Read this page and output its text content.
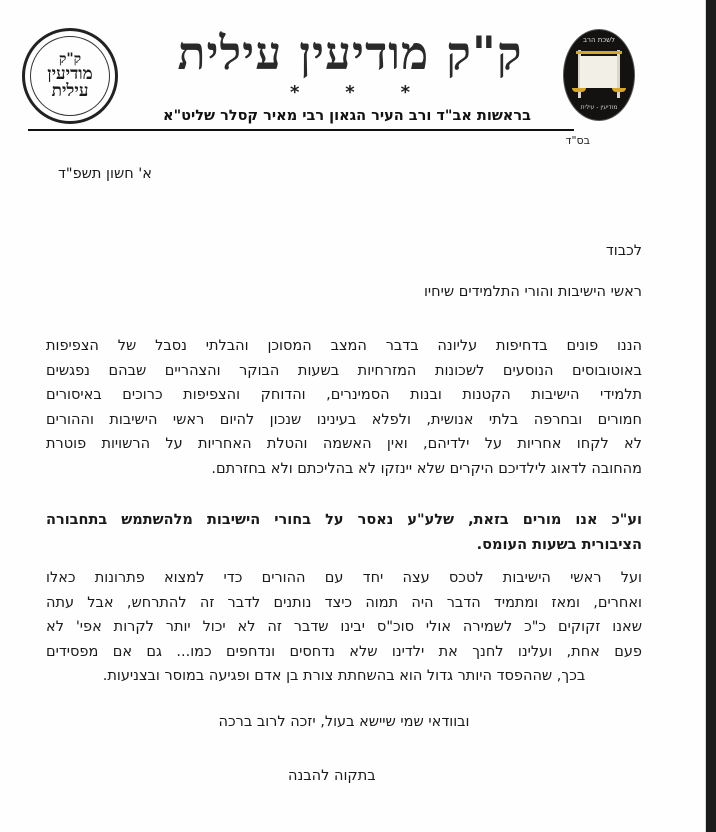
ק"ק
מודיעין
עילית
ק"ק מודיעין עילית
*
*
*
לשכת הרב
מודיעין - עילית
בראשות אב"ד ורב העיר הגאון רבי מאיר קסלר שליט"א
בס"ד
א' חשון תשפ"ד
לכבוד
ראשי הישיבות והורי התלמידים שיחיו
הננו פונים בדחיפות עליונה בדבר המצב המסוכן והבלתי נסבל של הצפיפות
באוטובוסים הנוסעים לשכונות המזרחיות בשעות הבוקר והצהריים שבהם נפגשים
תלמידי הישיבות הקטנות ובנות הסמינרים, והדוחק והצפיפות כרוכים באיסורים
חמורים ובחרפה בלתי אנושית, ולפלא בעינינו שנכון להיום ראשי הישיבות וההורים
לא לקחו אחריות על ילדיהם, ואין האשמה והטלת האחריות על הרשויות פוטרת
מהחובה לדאוג לילדיכם היקרים שלא יינזקו לא בהליכתם ולא בחזרתם.
וע"כ אנו מורים בזאת, שלע"ע נאסר על בחורי הישיבות מלהשתמש בתחבורה
הציבורית בשעות העומס.
ועל ראשי הישיבות לטכס עצה יחד עם ההורים כדי למצוא פתרונות כאלו
ואחרים, ומאז ומתמיד הדבר היה תמוה כיצד נותנים לדבר זה להתרחש, אבל עתה
שאנו זקוקים כ"כ לשמירה אולי סוכ"ס יבינו שדבר זה לא יכול יותר לקרות אפי' לא
פעם אחת, ועלינו לחנך את ילדינו שלא נדחסים ונדחפים כמו... גם אם מפסידים
בכך, שההפסד היותר גדול הוא בהשחתת צורת בן אדם ופגיעה במוסר ובצניעות.
ובוודאי שמי שיישא בעול, יזכה לרוב ברכה
בתקוה להבנה
